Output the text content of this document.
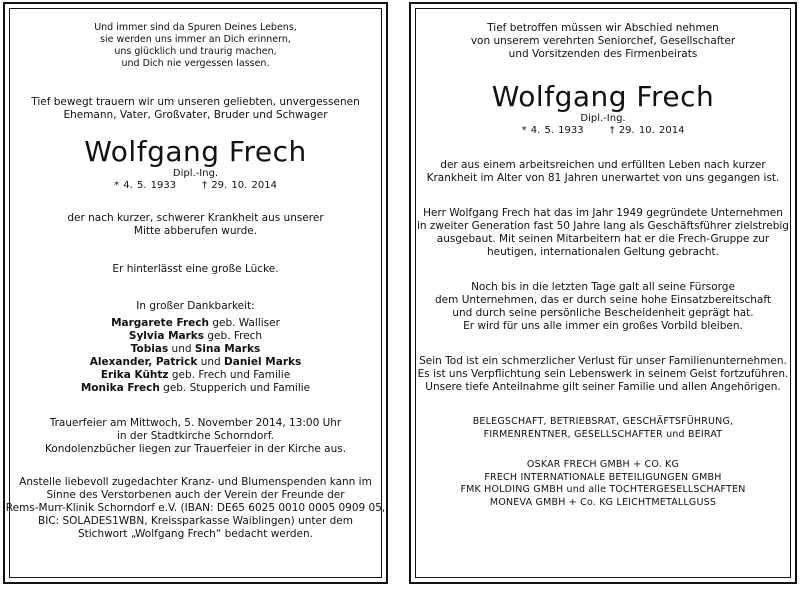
Und immer sind da Spuren Deines Lebens,
sie werden uns immer an Dich erinnern,
uns glücklich und traurig machen,
und Dich nie vergessen lassen.
Tief bewegt trauern wir um unseren geliebten, unvergessenen
Ehemann, Vater, Großvater, Bruder und Schwager
Wolfgang Frech
Dipl.-Ing.
* 4. 5. 1933	† 29. 10. 2014
der nach kurzer, schwerer Krankheit aus unserer
Mitte abberufen wurde.
Er hinterlässt eine große Lücke.
In großer Dankbarkeit:
Margarete Frech geb. Walliser
Sylvia Marks geb. Frech
Tobias und Sina Marks
Alexander, Patrick und Daniel Marks
Erika Kühtz geb. Frech und Familie
Monika Frech geb. Stupperich und Familie
Trauerfeier am Mittwoch, 5. November 2014, 13:00 Uhr
in der Stadtkirche Schorndorf.
Kondolenzbücher liegen zur Trauerfeier in der Kirche aus.
Anstelle liebevoll zugedachter Kranz- und Blumenspenden kann im
Sinne des Verstorbenen auch der Verein der Freunde der
Rems-Murr-Klinik Schorndorf e.V. (IBAN: DE65 6025 0010 0005 0909 05,
BIC: SOLADES1WBN, Kreissparkasse Waiblingen) unter dem
Stichwort „Wolfgang Frech“ bedacht werden.
Tief betroffen müssen wir Abschied nehmen
von unserem verehrten Seniorchef, Gesellschafter
und Vorsitzenden des Firmenbeirats
Wolfgang Frech
Dipl.-Ing.
* 4. 5. 1933	† 29. 10. 2014
der aus einem arbeitsreichen und erfüllten Leben nach kurzer
Krankheit im Alter von 81 Jahren unerwartet von uns gegangen ist.
Herr Wolfgang Frech hat das im Jahr 1949 gegründete Unternehmen
in zweiter Generation fast 50 Jahre lang als Geschäftsführer zielstrebig
ausgebaut. Mit seinen Mitarbeitern hat er die Frech-Gruppe zur
heutigen, internationalen Geltung gebracht.
Noch bis in die letzten Tage galt all seine Fürsorge
dem Unternehmen, das er durch seine hohe Einsatzbereitschaft
und durch seine persönliche Bescheidenheit geprägt hat.
Er wird für uns alle immer ein großes Vorbild bleiben.
Sein Tod ist ein schmerzlicher Verlust für unser Familienunternehmen.
Es ist uns Verpflichtung sein Lebenswerk in seinem Geist fortzuführen.
Unsere tiefe Anteilnahme gilt seiner Familie und allen Angehörigen.
BELEGSCHAFT, BETRIEBSRAT, GESCHÄFTSFÜHRUNG,
FIRMENRENTNER, GESELLSCHAFTER und BEIRAT
OSKAR FRECH GMBH + CO. KG
FRECH INTERNATIONALE BETEILIGUNGEN GMBH
FMK HOLDING GMBH und alle TOCHTERGESELLSCHAFTEN
MONEVA GMBH + Co. KG LEICHTMETALLGUSS
